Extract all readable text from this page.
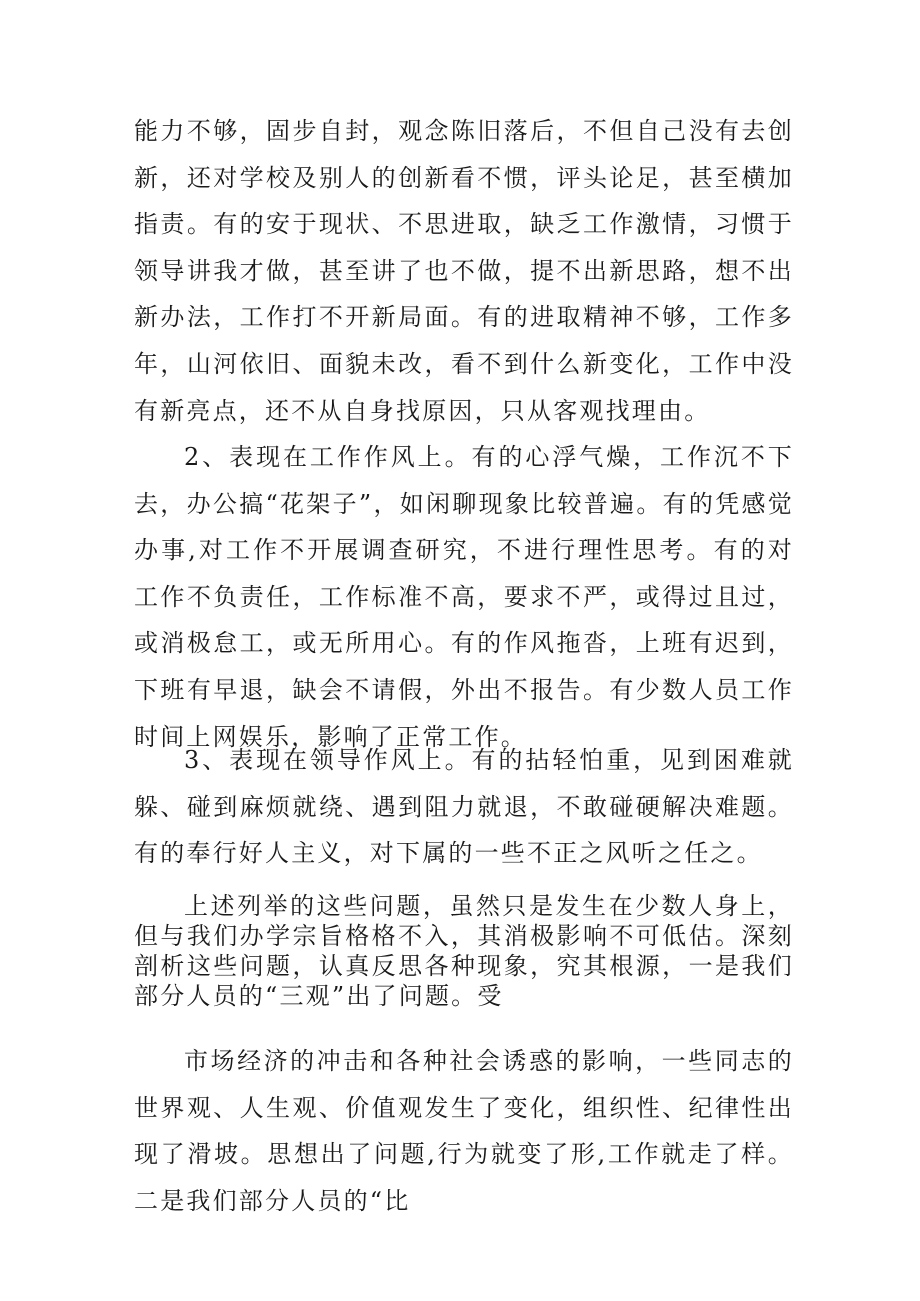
能力不够，固步自封，观念陈旧落后，不但自己没有去创新，还对学校及别人的创新看不惯，评头论足，甚至横加指责。有的安于现状、不思进取，缺乏工作激情，习惯于领导讲我才做，甚至讲了也不做，提不出新思路，想不出新办法，工作打不开新局面。有的进取精神不够，工作多年，山河依旧、面貌未改，看不到什么新变化，工作中没有新亮点，还不从自身找原因，只从客观找理由。

2、表现在工作作风上。有的心浮气燥，工作沉不下去，办公搞“花架子”，如闲聊现象比较普遍。有的凭感觉办事,对工作不开展调查研究，不进行理性思考。有的对工作不负责任，工作标准不高，要求不严，或得过且过，或消极怠工，或无所用心。有的作风拖沓，上班有迟到，下班有早退，缺会不请假，外出不报告。有少数人员工作时间上网娱乐，影响了正常工作。

3、表现在领导作风上。有的拈轻怕重，见到困难就躲、碰到麻烦就绕、遇到阻力就退，不敢碰硬解决难题。有的奉行好人主义，对下属的一些不正之风听之任之。

上述列举的这些问题，虽然只是发生在少数人身上，但与我们办学宗旨格格不入，其消极影响不可低估。深刻剖析这些问题，认真反思各种现象，究其根源，一是我们部分人员的“三观”出了问题。受

市场经济的冲击和各种社会诱惑的影响，一些同志的世界观、人生观、价值观发生了变化，组织性、纪律性出现了滑坡。思想出了问题,行为就变了形,工作就走了样。二是我们部分人员的“比
